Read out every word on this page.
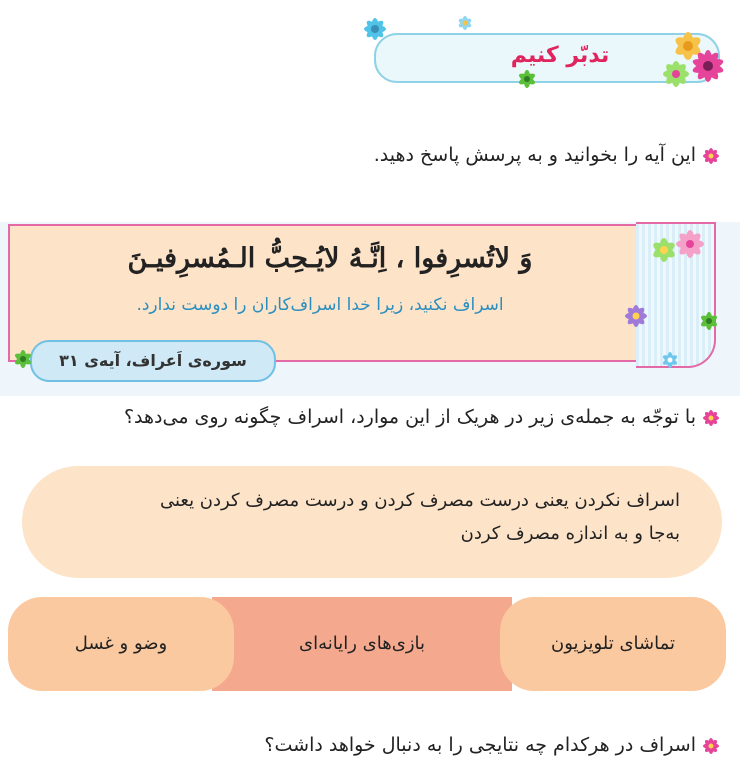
تدبّر کنیم
این آیه را بخوانید و به پرسش پاسخ دهید.
وَ لاتُسرِفوا ، اِنَّـهُ لایُـحِبُّ الـمُسرِفیـنَ
اسراف نکنید، زیرا خدا اسراف‌کاران را دوست ندارد.
سوره‌ی اَعراف، آیه‌ی ۳۱
با توجّه به جمله‌ی زیر در هریک از این موارد، اسراف چگونه روی می‌دهد؟
اسراف نکردن یعنی درست مصرف کردن و درست مصرف کردن یعنی
به‌جا و به اندازه مصرف کردن
بازی‌های رایانه‌ای	تماشای تلویزیون
وضو و غسل
اسراف در هرکدام چه نتایجی را به دنبال خواهد داشت؟
